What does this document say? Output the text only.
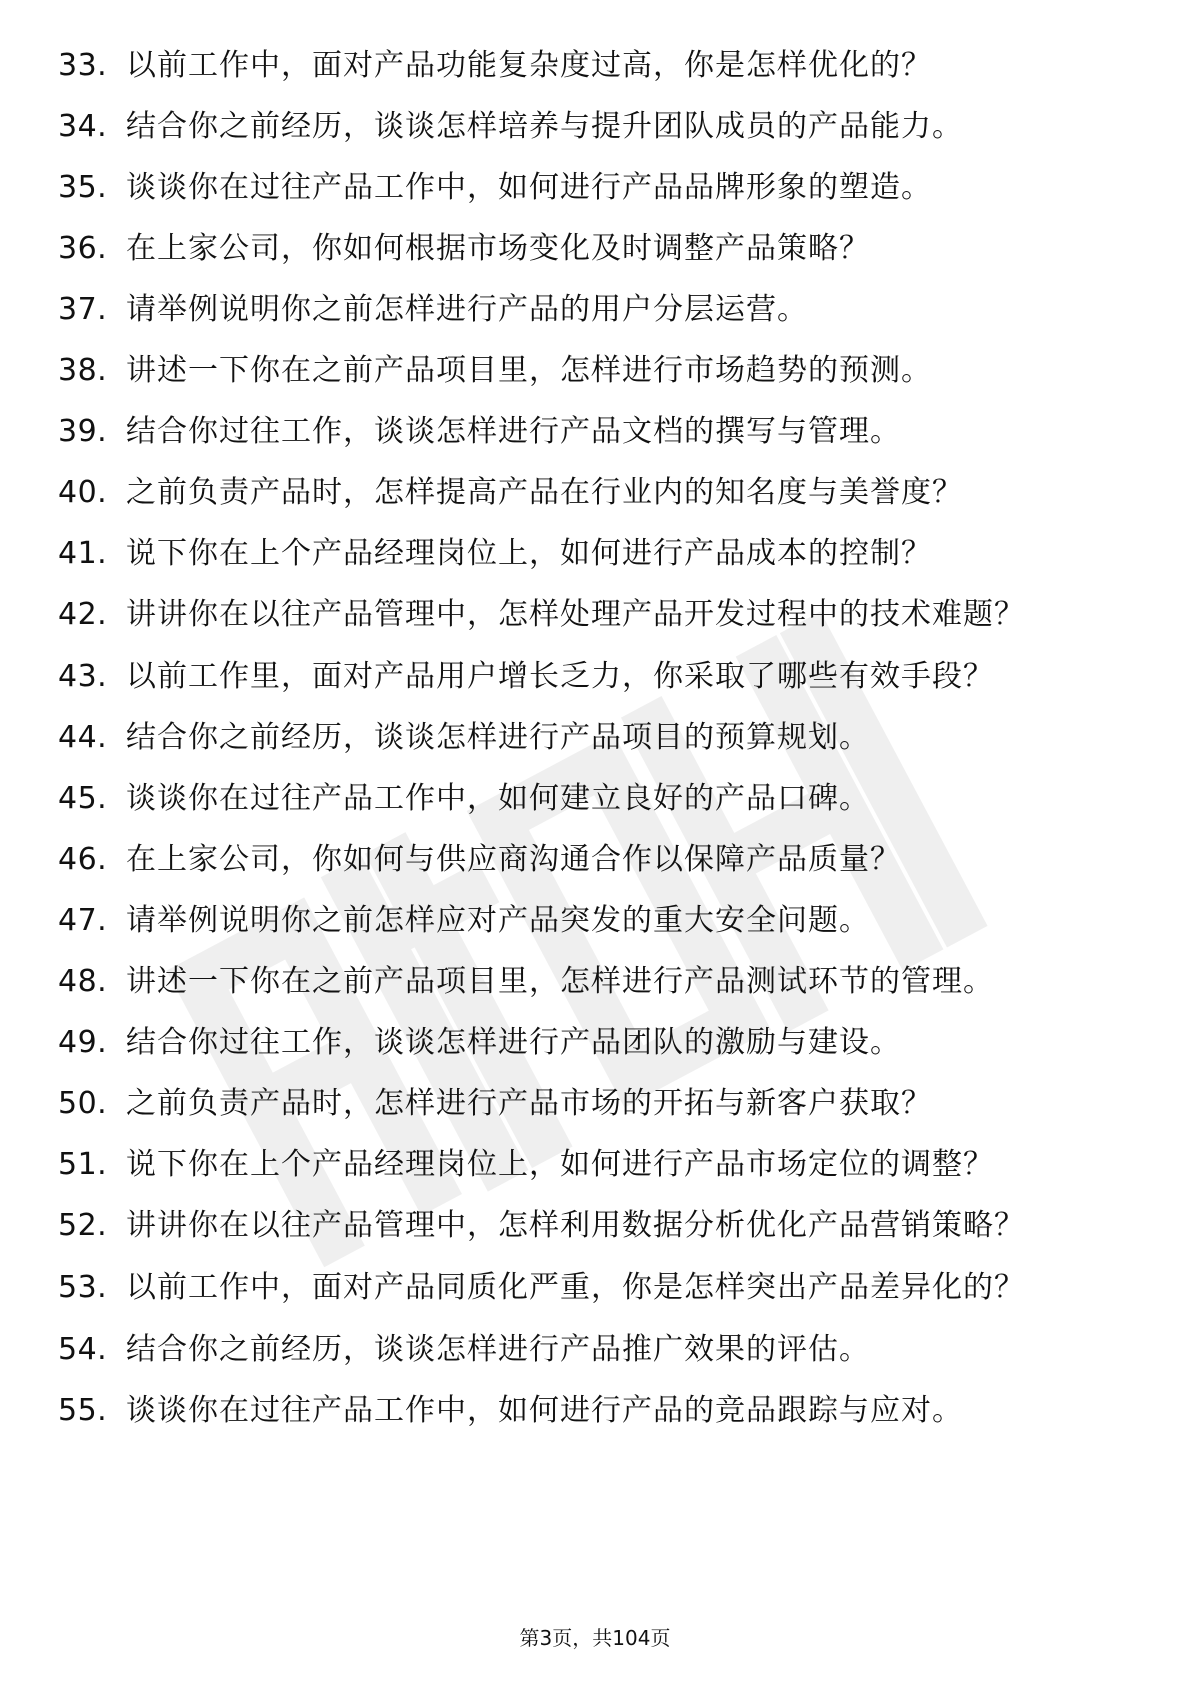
33. 以前工作中，面对产品功能复杂度过高，你是怎样优化的？
34. 结合你之前经历，谈谈怎样培养与提升团队成员的产品能力。
35. 谈谈你在过往产品工作中，如何进行产品品牌形象的塑造。
36. 在上家公司，你如何根据市场变化及时调整产品策略？
37. 请举例说明你之前怎样进行产品的用户分层运营。
38. 讲述一下你在之前产品项目里，怎样进行市场趋势的预测。
39. 结合你过往工作，谈谈怎样进行产品文档的撰写与管理。
40. 之前负责产品时，怎样提高产品在行业内的知名度与美誉度？
41. 说下你在上个产品经理岗位上，如何进行产品成本的控制？
42. 讲讲你在以往产品管理中，怎样处理产品开发过程中的技术难题？
43. 以前工作里，面对产品用户增长乏力，你采取了哪些有效手段？
44. 结合你之前经历，谈谈怎样进行产品项目的预算规划。
45. 谈谈你在过往产品工作中，如何建立良好的产品口碑。
46. 在上家公司，你如何与供应商沟通合作以保障产品质量？
47. 请举例说明你之前怎样应对产品突发的重大安全问题。
48. 讲述一下你在之前产品项目里，怎样进行产品测试环节的管理。
49. 结合你过往工作，谈谈怎样进行产品团队的激励与建设。
50. 之前负责产品时，怎样进行产品市场的开拓与新客户获取？
51. 说下你在上个产品经理岗位上，如何进行产品市场定位的调整？
52. 讲讲你在以往产品管理中，怎样利用数据分析优化产品营销策略？
53. 以前工作中，面对产品同质化严重，你是怎样突出产品差异化的？
54. 结合你之前经历，谈谈怎样进行产品推广效果的评估。
55. 谈谈你在过往产品工作中，如何进行产品的竞品跟踪与应对。
第3页，共104页
